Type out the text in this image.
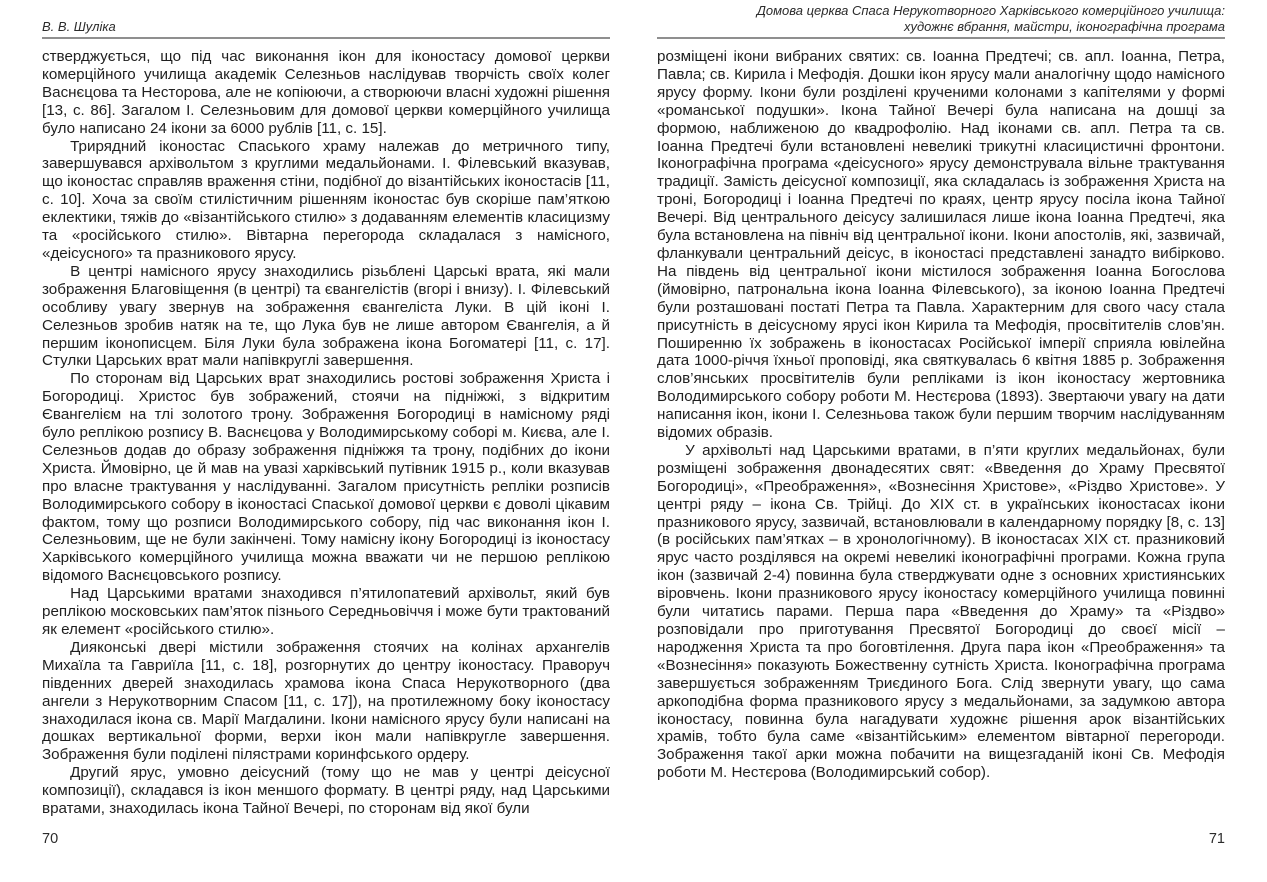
В. В. Шуліка

стверджується, що під час виконання ікон для іконостасу домової церкви комерційного училища академік Селезньов наслідував творчість своїх колег Васнєцова та Несторова, але не копіюючи, а створюючи власні художні рішення [13, с. 86]. Загалом І. Селезньовим для домової церкви комерційного училища було написано 24 ікони за 6000 рублів [11, с. 15].

Трирядний іконостас Спаського храму належав до метричного типу, завершувався архівольтом з круглими медальйонами. І. Філевський вказував, що іконостас справляв враження стіни, подібної до візантійських іконостасів [11, с. 10]. Хоча за своїм стилістичним рішенням іконостас був скоріше пам’яткою еклектики, тяжів до «візантійського стилю» з додаванням елементів класицизму та «російського стилю». Вівтарна перегорода складалася з намісного, «деісусного» та празникового ярусу.

В центрі намісного ярусу знаходились різьблені Царські врата, які мали зображення Благовіщення (в центрі) та євангелістів (вгорі і внизу). І. Філевський особливу увагу звернув на зображення євангеліста Луки. В цій іконі І. Селезньов зробив натяк на те, що Лука був не лише автором Євангелія, а й першим іконописцем. Біля Луки була зображена ікона Богоматері [11, с. 17]. Стулки Царських врат мали напівкруглі завершення.

По сторонам від Царських врат знаходились ростові зображення Христа і Богородиці. Христос був зображений, стоячи на підніжжі, з відкритим Євангелієм на тлі золотого трону. Зображення Богородиці в намісному ряді було реплікою розпису В. Васнєцова у Володимирському соборі м. Києва, але І. Селезньов додав до образу зображення підніжжя та трону, подібних до ікони Христа. Ймовірно, це й мав на увазі харківський путівник 1915 р., коли вказував про власне трактування у наслідуванні. Загалом присутність репліки розписів Володимирського собору в іконостасі Спаської домової церкви є доволі цікавим фактом, тому що розписи Володимирського собору, під час виконання ікон І. Селезньовим, ще не були закінчені. Тому намісну ікону Богородиці із іконостасу Харківського комерційного училища можна вважати чи не першою реплікою відомого Васнєцовського розпису.

Над Царськими вратами знаходився п’ятилопатевий архівольт, який був реплікою московських пам’яток пізнього Середньовіччя і може бути трактований як елемент «російського стилю».

Дияконські двері містили зображення стоячих на колінах архангелів Михаїла та Гавриїла [11, с. 18], розгорнутих до центру іконостасу. Праворуч південних дверей знаходилась храмова ікона Спаса Нерукотворного (два ангели з Нерукотворним Спасом [11, с. 17]), на протилежному боку іконостасу знаходилася ікона св. Марії Магдалини. Ікони намісного ярусу були написані на дошках вертикальної форми, верхи ікон мали напівкругле завершення. Зображення були поділені пілястрами коринфського ордеру.

Другий ярус, умовно деісусний (тому що не мав у центрі деісусної композиції), складався із ікон меншого формату. В центрі ряду, над Царськими вратами, знаходилась ікона Тайної Вечері, по сторонам від якої були

70
Домова церква Спаса Нерукотворного Харківського комерційного училища:
художнє вбрання, майстри, іконографічна програма

розміщені ікони вибраних святих: св. Іоанна Предтечі; св. апл. Іоанна, Петра, Павла; св. Кирила і Мефодія. Дошки ікон ярусу мали аналогічну щодо намісного ярусу форму. Ікони були розділені крученими колонами з капітелями у формі «романської подушки». Ікона Тайної Вечері була написана на дошці за формою, наближеною до квадрофолію. Над іконами св. апл. Петра та св. Іоанна Предтечі були встановлені невеликі трикутні класицистичні фронтони. Іконографічна програма «деісусного» ярусу демонструвала вільне трактування традиції. Замість деісусної композиції, яка складалась із зображення Христа на троні, Богородиці і Іоанна Предтечі по краях, центр ярусу посіла ікона Тайної Вечері. Від центрального деісусу залишилася лише ікона Іоанна Предтечі, яка була встановлена на північ від центральної ікони. Ікони апостолів, які, зазвичай, фланкували центральний деісус, в іконостасі представлені занадто вибірково. На південь від центральної ікони містилося зображення Іоанна Богослова (ймовірно, патрональна ікона Іоанна Філевського), за іконою Іоанна Предтечі були розташовані постаті Петра та Павла. Характерним для свого часу стала присутність в деісусному ярусі ікон Кирила та Мефодія, просвітителів слов’ян. Поширенню їх зображень в іконостасах Російської імперії сприяла ювілейна дата 1000-річчя їхньої проповіді, яка святкувалась 6 квітня 1885 р. Зображення слов’янських просвітителів були репліками із ікон іконостасу жертовника Володимирського собору роботи М. Нестєрова (1893). Звертаючи увагу на дати написання ікон, ікони І. Селезньова також були першим творчим наслідуванням відомих образів.

У архівольті над Царськими вратами, в п’яти круглих медальйонах, були розміщені зображення двонадесятих свят: «Введення до Храму Пресвятої Богородиці», «Преображення», «Вознесіння Христове», «Різдво Христове». У центрі ряду – ікона Св. Трійці. До XIX ст. в українських іконостасах ікони празникового ярусу, зазвичай, встановлювали в календарному порядку [8, с. 13] (в російських пам’ятках – в хронологічному). В іконостасах XIX ст. празниковий ярус часто розділявся на окремі невеликі іконографічні програми. Кожна група ікон (зазвичай 2-4) повинна була стверджувати одне з основних християнських віровчень. Ікони празникового ярусу іконостасу комерційного училища повинні були читатись парами. Перша пара «Введення до Храму» та «Різдво» розповідали про приготування Пресвятої Богородиці до своєї місії – народження Христа та про боговтілення. Друга пара ікон «Преображення» та «Вознесіння» показують Божественну сутність Христа. Іконографічна програма завершується зображенням Триєдиного Бога. Слід звернути увагу, що сама аркоподібна форма празникового ярусу з медальйонами, за задумкою автора іконостасу, повинна була нагадувати художнє рішення арок візантійських храмів, тобто була саме «візантійським» елементом вівтарної перегороди. Зображення такої арки можна побачити на вищезгаданій іконі Св. Мефодія роботи М. Нестєрова (Володимирський собор).

71
